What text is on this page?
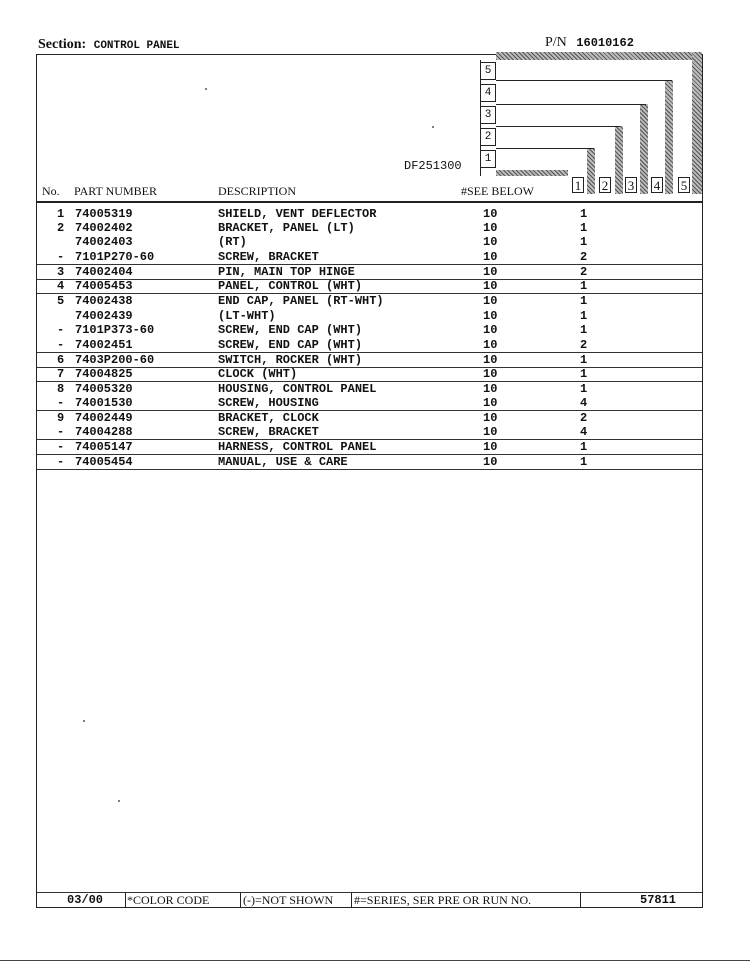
Section: CONTROL PANEL	P/N 16010162
5
4
3
2
1
DF251300
No. PART NUMBER	DESCRIPTION	#SEE BELOW	1 2 3 4 5
1 74005319	SHIELD, VENT DEFLECTOR	10	1
2 74002402	BRACKET, PANEL (LT)	10	1
74002403	(RT)	10	1
- 7101P270-60	SCREW, BRACKET	10	2
3 74002404	PIN, MAIN TOP HINGE	10	2
4 74005453	PANEL, CONTROL (WHT)	10	1
5 74002438	END CAP, PANEL (RT-WHT)	10	1
74002439	(LT-WHT)	10	1
- 7101P373-60	SCREW, END CAP (WHT)	10	1
- 74002451	SCREW, END CAP (WHT)	10	2
6 7403P200-60	SWITCH, ROCKER (WHT)	10	1
7 74004825	CLOCK (WHT)	10	1
8 74005320	HOUSING, CONTROL PANEL	10	1
- 74001530	SCREW, HOUSING	10	4
9 74002449	BRACKET, CLOCK	10	2
- 74004288	SCREW, BRACKET	10	4
- 74005147	HARNESS, CONTROL PANEL	10	1
- 74005454	MANUAL, USE & CARE	10	1
03/00 *COLOR CODE	(-)=NOT SHOWN #=SERIES, SER PRE OR RUN NO.	57811
